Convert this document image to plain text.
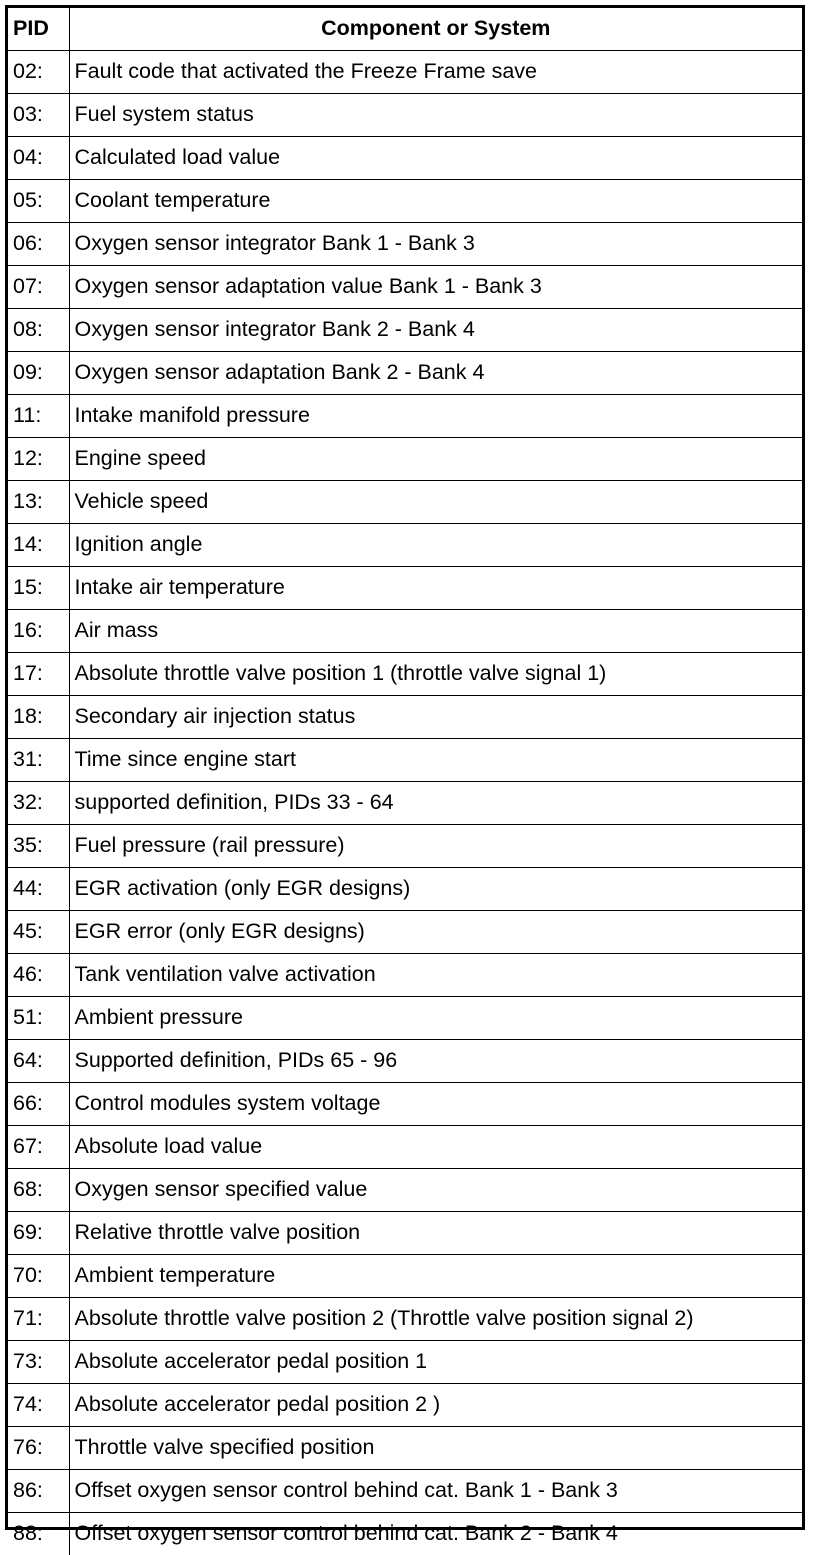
PID	Component or System
02:	Fault code that activated the Freeze Frame save
03:	Fuel system status
04:	Calculated load value
05:	Coolant temperature
06:	Oxygen sensor integrator Bank 1 - Bank 3
07:	Oxygen sensor adaptation value Bank 1 - Bank 3
08:	Oxygen sensor integrator Bank 2 - Bank 4
09:	Oxygen sensor adaptation Bank 2 - Bank 4
11:	Intake manifold pressure
12:	Engine speed
13:	Vehicle speed
14:	Ignition angle
15:	Intake air temperature
16:	Air mass
17:	Absolute throttle valve position 1 (throttle valve signal 1)
18:	Secondary air injection status
31:	Time since engine start
32:	supported definition, PIDs 33 - 64
35:	Fuel pressure (rail pressure)
44:	EGR activation (only EGR designs)
45:	EGR error (only EGR designs)
46:	Tank ventilation valve activation
51:	Ambient pressure
64:	Supported definition, PIDs 65 - 96
66:	Control modules system voltage
67:	Absolute load value
68:	Oxygen sensor specified value
69:	Relative throttle valve position
70:	Ambient temperature
71:	Absolute throttle valve position 2 (Throttle valve position signal 2)
73:	Absolute accelerator pedal position 1
74:	Absolute accelerator pedal position 2 )
76:	Throttle valve specified position
86:	Offset oxygen sensor control behind cat. Bank 1 - Bank 3
88:	Offset oxygen sensor control behind cat. Bank 2 - Bank 4
